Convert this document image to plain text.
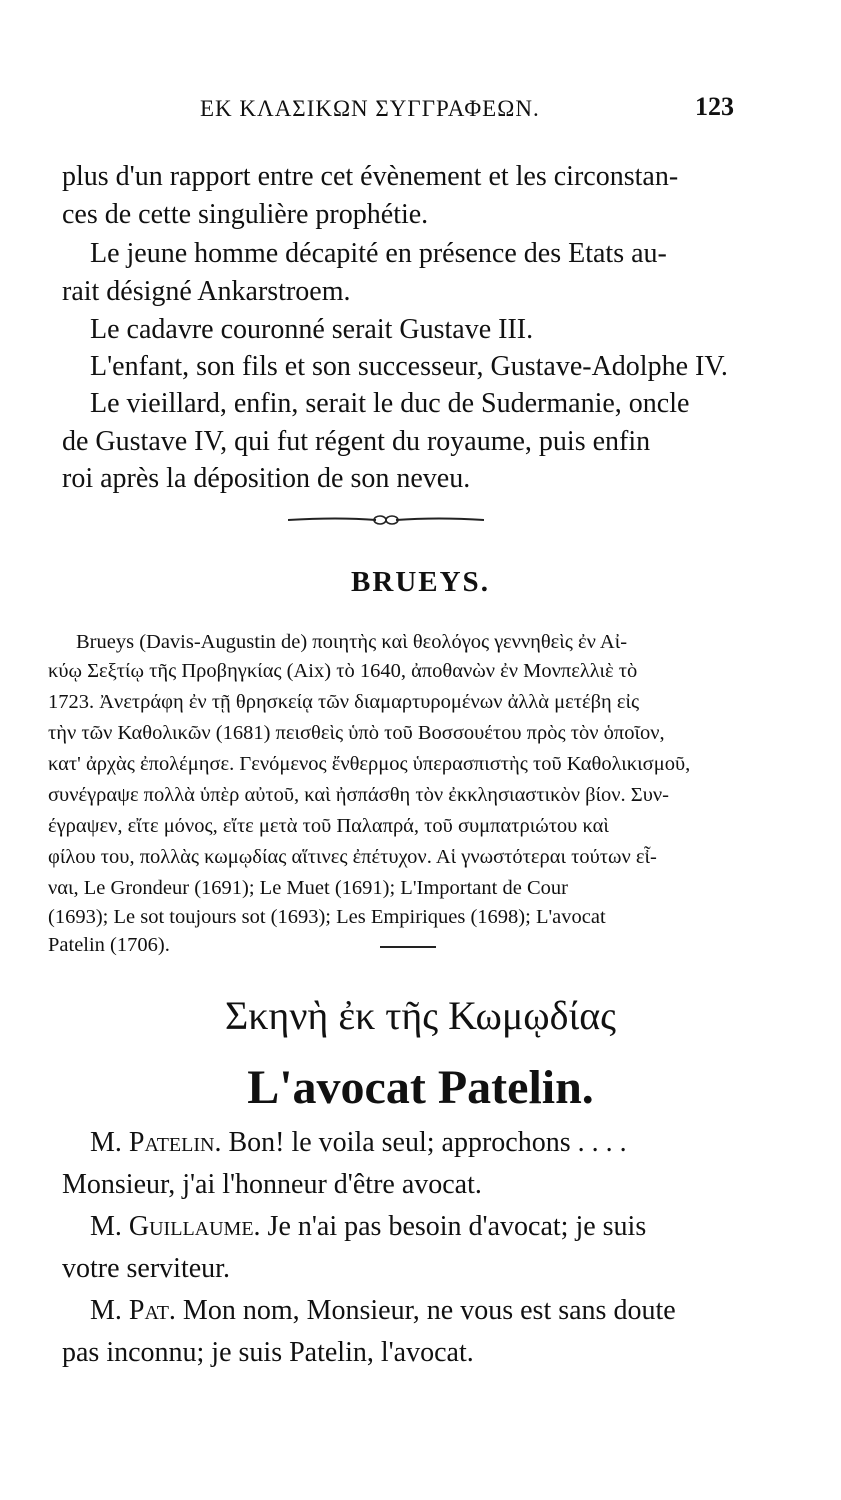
ΕΚ ΚΛΑΣΙΚΩΝ ΣΥΓΓΡΑΦΕΩΝ.	123
plus d'un rapport entre cet évènement et les circonstan-
ces de cette singulière prophétie.
Le jeune homme décapité en présence des Etats au-
rait désigné Ankarstroem.
Le cadavre couronné serait Gustave III.
L'enfant, son fils et son successeur, Gustave-Adolphe IV.
Le vieillard, enfin, serait le duc de Sudermanie, oncle
de Gustave IV, qui fut régent du royaume, puis enfin
roi après la déposition de son neveu.
BRUEYS.
Brueys (Davis-Augustin de) ποιητὴς καὶ θεολόγος γεννηθεὶς ἐν Αἰ-
κύῳ Σεξτίῳ τῆς Προβηγκίας (Aix) τὸ 1640, ἀποθανὼν ἐν Μονπελλιὲ τὸ
1723. Ἀνετράφη ἐν τῇ θρησκείᾳ τῶν διαμαρτυρομένων ἀλλὰ μετέβη εἰς
τὴν τῶν Καθολικῶν (1681) πεισθεὶς ὑπὸ τοῦ Βοσσουέτου πρὸς τὸν ὁποῖον,
κατ' ἀρχὰς ἐπολέμησε. Γενόμενος ἔνθερμος ὑπερασπιστὴς τοῦ Καθολικισμοῦ,
συνέγραψε πολλὰ ὑπὲρ αὐτοῦ, καὶ ἠσπάσθη τὸν ἐκκλησιαστικὸν βίον. Συν-
έγραψεν, εἴτε μόνος, εἴτε μετὰ τοῦ Παλαπρά, τοῦ συμπατριώτου καὶ
φίλου του, πολλὰς κωμῳδίας αἵτινες ἐπέτυχον. Αἱ γνωστότεραι τούτων εἶ-
ναι, Le Grondeur (1691); Le Muet (1691); L'Important de Cour
(1693); Le sot toujours sot (1693); Les Empiriques (1698); L'avocat
Patelin (1706).
Σκηνὴ ἐκ τῆς Κωμῳδίας
L'avocat Patelin.
M. Patelin. Bon! le voila seul; approchons . . . .
Monsieur, j'ai l'honneur d'être avocat.
M. Guillaume. Je n'ai pas besoin d'avocat; je suis
votre serviteur.
M. Pat. Mon nom, Monsieur, ne vous est sans doute
pas inconnu; je suis Patelin, l'avocat.
